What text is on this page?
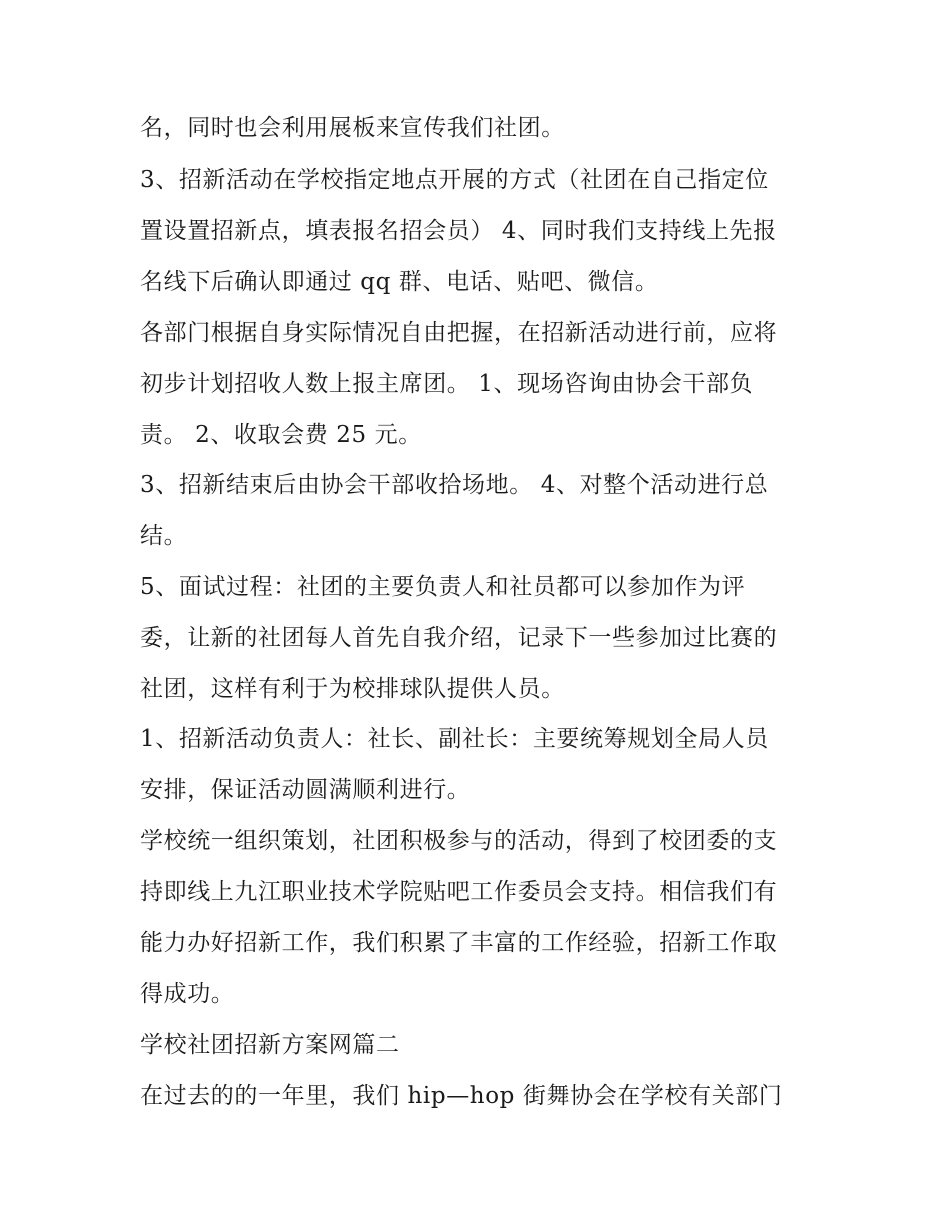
名，同时也会利用展板来宣传我们社团。
3、招新活动在学校指定地点开展的方式（社团在自己指定位
置设置招新点，填表报名招会员） 4、同时我们支持线上先报
名线下后确认即通过 qq 群、电话、贴吧、微信。
各部门根据自身实际情况自由把握，在招新活动进行前，应将
初步计划招收人数上报主席团。 1、现场咨询由协会干部负
责。 2、收取会费 25 元。
3、招新结束后由协会干部收拾场地。 4、对整个活动进行总
结。
5、面试过程：社团的主要负责人和社员都可以参加作为评
委，让新的社团每人首先自我介绍，记录下一些参加过比赛的
社团，这样有利于为校排球队提供人员。
1、招新活动负责人：社长、副社长：主要统筹规划全局人员
安排，保证活动圆满顺利进行。
学校统一组织策划，社团积极参与的活动，得到了校团委的支
持即线上九江职业技术学院贴吧工作委员会支持。相信我们有
能力办好招新工作，我们积累了丰富的工作经验，招新工作取
得成功。
学校社团招新方案网篇二
在过去的的一年里，我们 hip—hop 街舞协会在学校有关部门
